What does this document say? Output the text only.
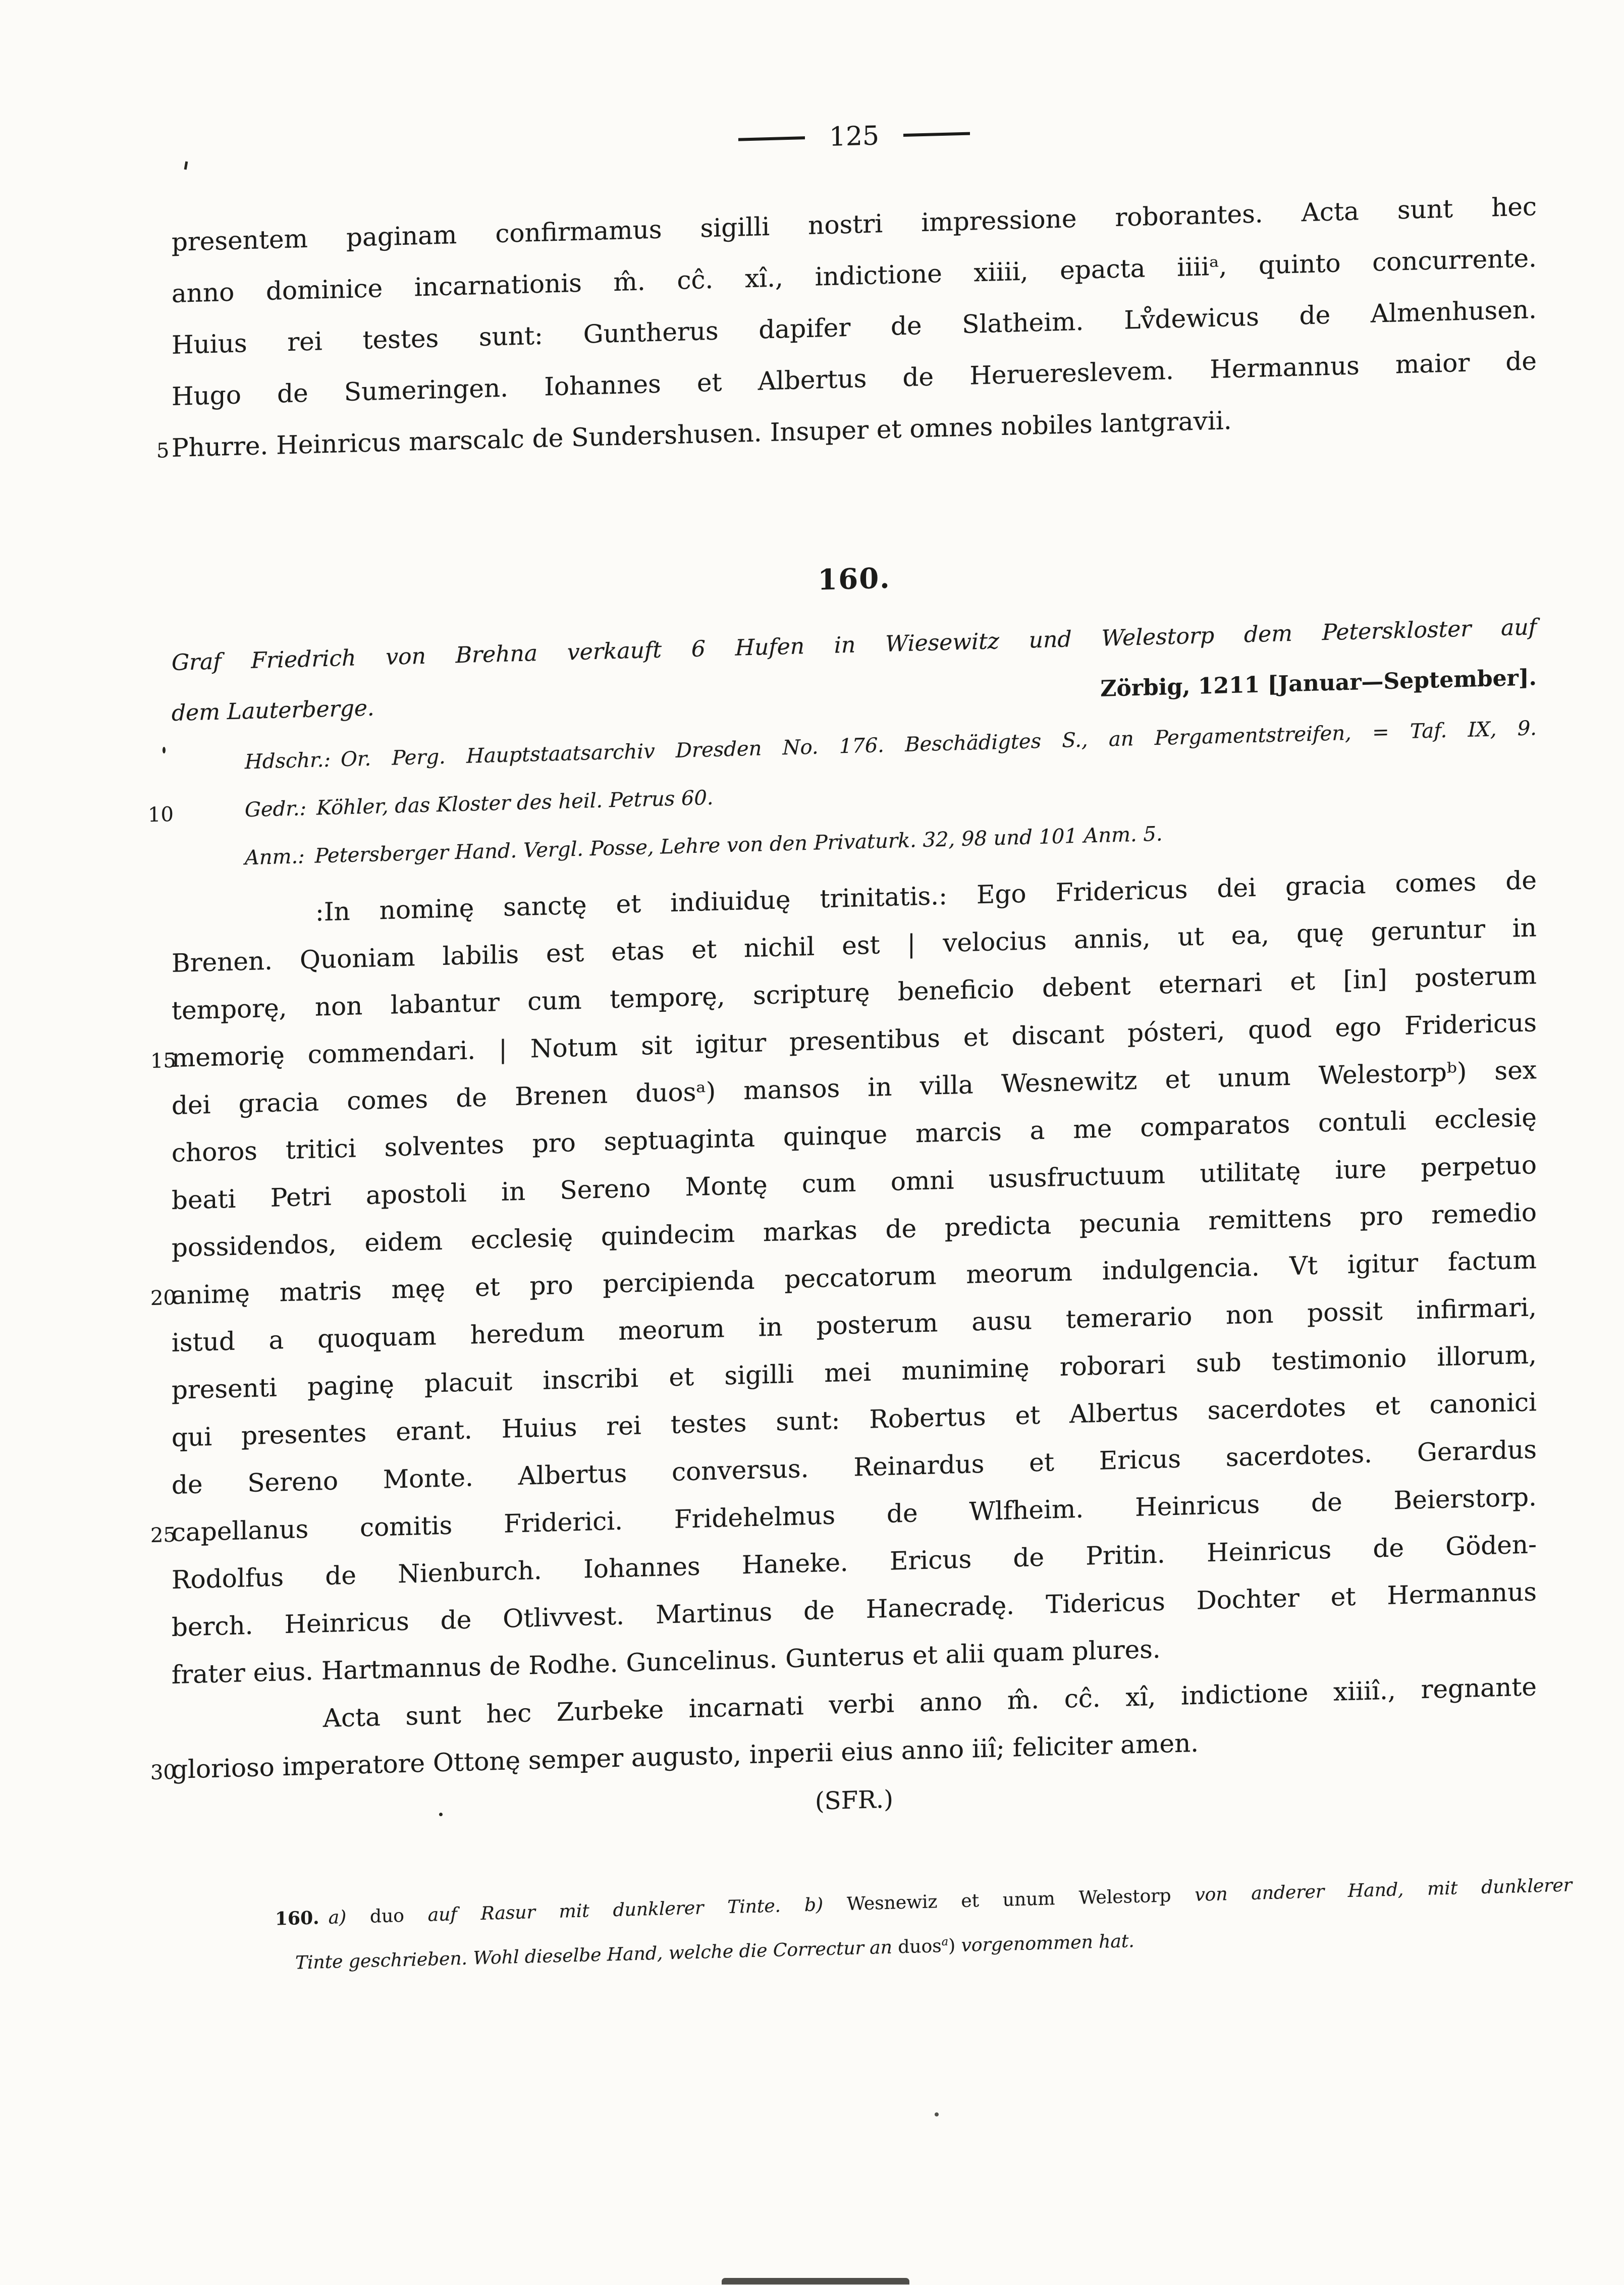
125
presentem paginam confirmamus sigilli nostri impressione roborantes. Acta sunt hec
anno dominice incarnationis m̂. cĉ. xî., indictione xiiii, epacta iiiiᵃ, quinto concurrente.
Huius rei testes sunt: Guntherus dapifer de Slatheim. Lv̊dewicus de Almenhusen.
Hugo de Sumeringen. Iohannes et Albertus de Heruereslevem. Hermannus maior de
5 Phurre. Heinricus marscalc de Sundershusen. Insuper et omnes nobiles lantgravii.
160.
Graf Friedrich von Brehna verkauft 6 Hufen in Wiesewitz und Welestorp dem Peterskloster auf
dem Lauterberge.
Zörbig, 1211 [Januar—September].
Hdschr.: Or. Perg. Hauptstaatsarchiv Dresden No. 176. Beschädigtes S., an Pergamentstreifen, = Taf. IX, 9.
10	Gedr.: Köhler, das Kloster des heil. Petrus 60.
Anm.: Petersberger Hand. Vergl. Posse, Lehre von den Privaturk. 32, 98 und 101 Anm. 5.
:In nominę sanctę et indiuiduę trinitatis.: Ego Fridericus dei gracia comes de
Brenen. Quoniam labilis est etas et nichil est | velocius annis, ut ea, quę geruntur in
temporę, non labantur cum temporę, scripturę beneficio debent eternari et [in] posterum
15
memorię commendari. | Notum sit igitur presentibus et discant pósteri, quod ego Fridericus
dei gracia comes de Brenen duosᵃ) mansos in villa Wesnewitz et unum Welestorpᵇ) sex
choros tritici solventes pro septuaginta quinque marcis a me comparatos contuli ecclesię
beati Petri apostoli in Sereno Montę cum omni ususfructuum utilitatę iure perpetuo
possidendos, eidem ecclesię quindecim markas de predicta pecunia remittens pro remedio
20
animę matris męę et pro percipienda peccatorum meorum indulgencia. Vt igitur factum
istud a quoquam heredum meorum in posterum ausu temerario non possit infirmari,
presenti paginę placuit inscribi et sigilli mei muniminę roborari sub testimonio illorum,
qui presentes erant. Huius rei testes sunt: Robertus et Albertus sacerdotes et canonici
de Sereno Monte. Albertus conversus. Reinardus et Ericus sacerdotes. Gerardus
25
capellanus comitis Friderici. Fridehelmus de Wlfheim. Heinricus de Beierstorp.
Rodolfus de Nienburch. Iohannes Haneke. Ericus de Pritin. Heinricus de Göden-
berch. Heinricus de Otlivvest. Martinus de Hanecradę. Tidericus Dochter et Hermannus
frater eius. Hartmannus de Rodhe. Guncelinus. Gunterus et alii quam plures.
Acta sunt hec Zurbeke incarnati verbi anno m̂. cĉ. xî, indictione xiiiî., regnante
30
glorioso imperatore Ottonę semper augusto, inperii eius anno iiî; feliciter amen.
(SFR.)
160. a) duo auf Rasur mit dunklerer Tinte. b) Wesnewiz et unum Welestorp von anderer Hand, mit dunklerer
Tinte geschrieben. Wohl dieselbe Hand, welche die Correctur an duos$^a$) vorgenommen hat.
